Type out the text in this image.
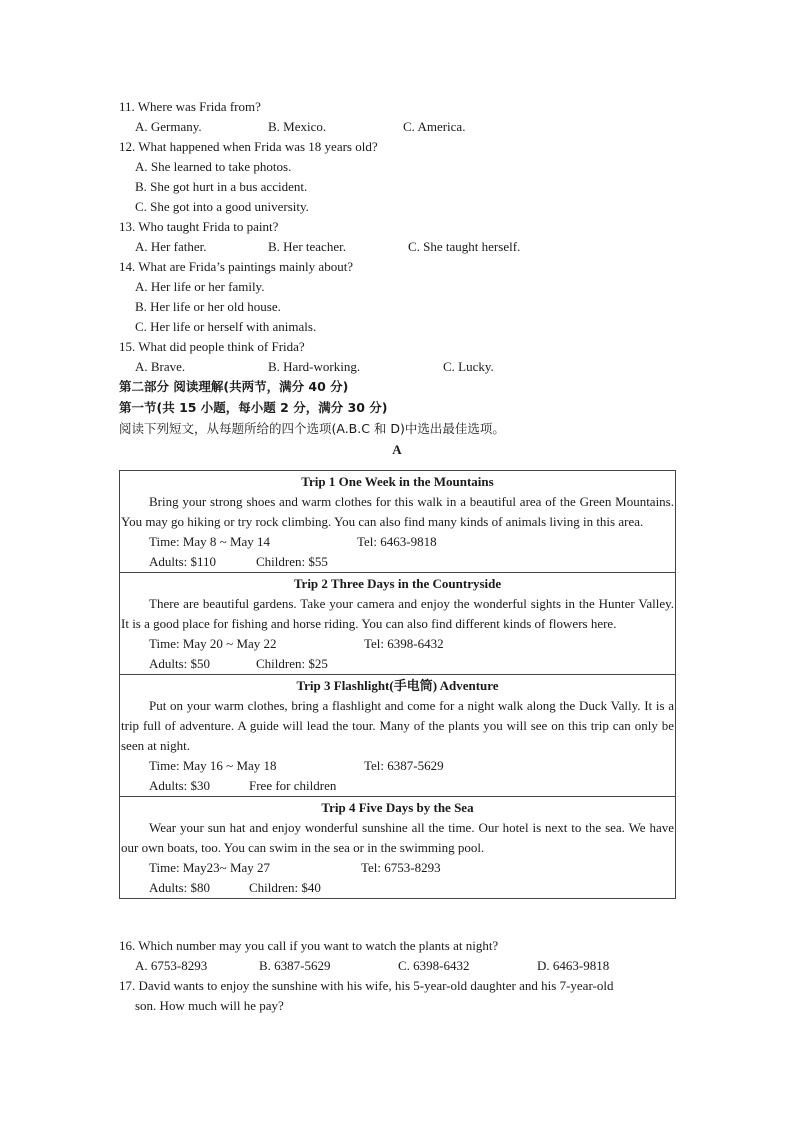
11. Where was Frida from?
A. Germany.	B. Mexico.	C. America.
12. What happened when Frida was 18 years old?
A. She learned to take photos.
B. She got hurt in a bus accident.
C. She got into a good university.
13. Who taught Frida to paint?
A. Her father.	B. Her teacher.	C. She taught herself.
14. What are Frida’s paintings mainly about?
A. Her life or her family.
B. Her life or her old house.
C. Her life or herself with animals.
15. What did people think of Frida?
A. Brave.	B. Hard-working.	C. Lucky.
第二部分 阅读理解(共两节，满分 40 分)
第一节(共 15 小题，每小题 2 分，满分 30 分)
阅读下列短文，从每题所给的四个选项(A.B.C 和 D)中选出最佳选项。
A
Trip 1 One Week in the Mountains
Bring your strong shoes and warm clothes for this walk in a beautiful area of the Green Mountains. You may go hiking or try rock climbing. You can also find many kinds of animals living in this area.
Time: May 8 ~ May 14	Tel: 6463-9818
Adults: $110	Children: $55

Trip 2 Three Days in the Countryside
There are beautiful gardens. Take your camera and enjoy the wonderful sights in the Hunter Valley. It is a good place for fishing and horse riding. You can also find different kinds of flowers here.
Time: May 20 ~ May 22	Tel: 6398-6432
Adults: $50	Children: $25

Trip 3 Flashlight(手电筒) Adventure
Put on your warm clothes, bring a flashlight and come for a night walk along the Duck Vally. It is a trip full of adventure. A guide will lead the tour. Many of the plants you will see on this trip can only be seen at night.
Time: May 16 ~ May 18	Tel: 6387-5629
Adults: $30	Free for children

Trip 4 Five Days by the Sea
Wear your sun hat and enjoy wonderful sunshine all the time. Our hotel is next to the sea. We have our own boats, too. You can swim in the sea or in the swimming pool.
Time: May23~ May 27	Tel: 6753-8293
Adults: $80	Children: $40
16. Which number may you call if you want to watch the plants at night?
A. 6753-8293	B. 6387-5629	C. 6398-6432	D. 6463-9818
17. David wants to enjoy the sunshine with his wife, his 5-year-old daughter and his 7-year-old
son. How much will he pay?
